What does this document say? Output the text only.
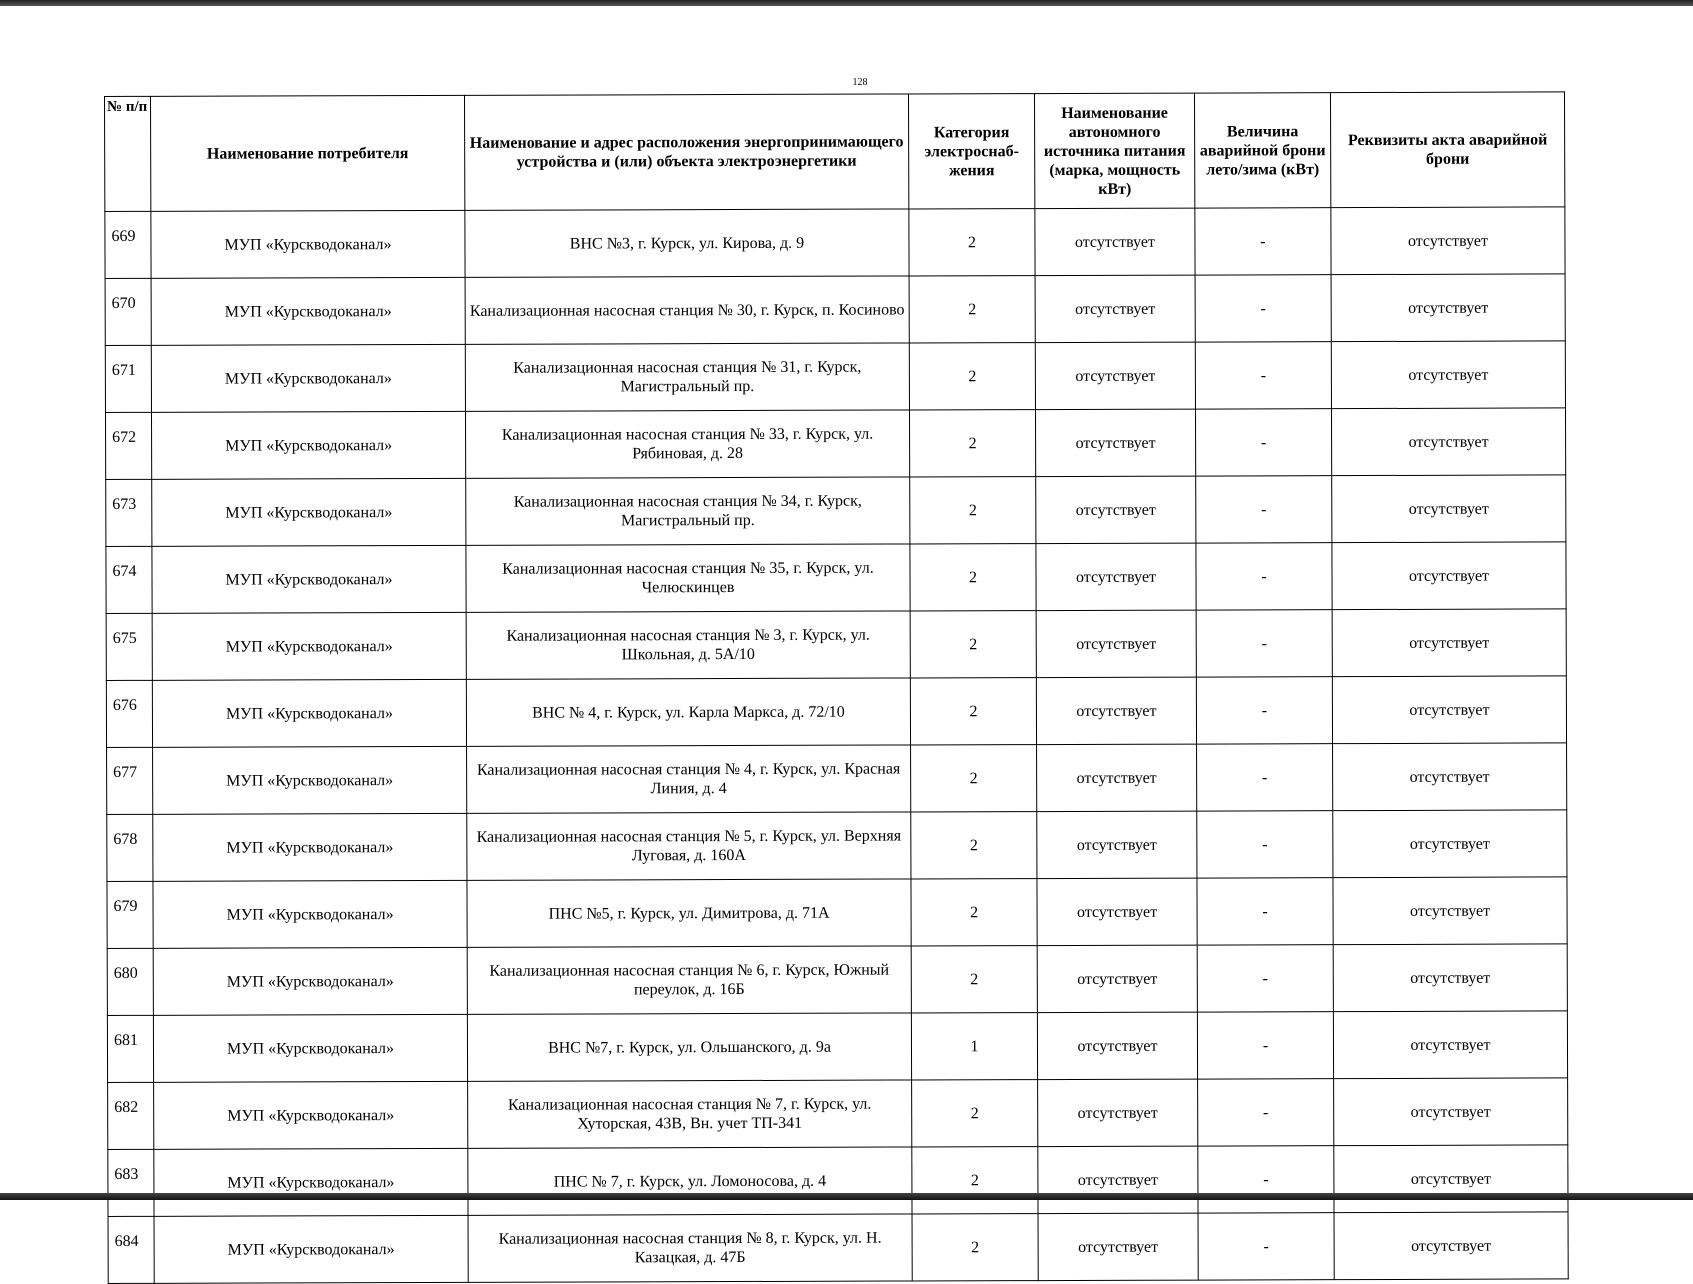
128
№ п/п	Наименование потребителя	Наименование и адрес расположения энергопринимающего устройства и (или) объекта электроэнергетики	Категория электроснаб-жения	Наименование автономного источника питания (марка, мощность кВт)	Величина аварийной брони лето/зима (кВт)	Реквизиты акта аварийной брони
669	МУП «Курскводоканал»	ВНС №3, г. Курск, ул. Кирова, д. 9	2	отсутствует	-	отсутствует
670	МУП «Курскводоканал»	Канализационная насосная станция № 30, г. Курск, п. Косиново	2	отсутствует	-	отсутствует
671	МУП «Курскводоканал»	Канализационная насосная станция № 31, г. Курск, Магистральный пр.	2	отсутствует	-	отсутствует
672	МУП «Курскводоканал»	Канализационная насосная станция № 33, г. Курск, ул. Рябиновая, д. 28	2	отсутствует	-	отсутствует
673	МУП «Курскводоканал»	Канализационная насосная станция № 34, г. Курск, Магистральный пр.	2	отсутствует	-	отсутствует
674	МУП «Курскводоканал»	Канализационная насосная станция № 35, г. Курск, ул. Челюскинцев	2	отсутствует	-	отсутствует
675	МУП «Курскводоканал»	Канализационная насосная станция № 3, г. Курск, ул. Школьная, д. 5А/10	2	отсутствует	-	отсутствует
676	МУП «Курскводоканал»	ВНС № 4, г. Курск, ул. Карла Маркса, д. 72/10	2	отсутствует	-	отсутствует
677	МУП «Курскводоканал»	Канализационная насосная станция № 4, г. Курск, ул. Красная Линия, д. 4	2	отсутствует	-	отсутствует
678	МУП «Курскводоканал»	Канализационная насосная станция № 5, г. Курск, ул. Верхняя Луговая, д. 160А	2	отсутствует	-	отсутствует
679	МУП «Курскводоканал»	ПНС №5, г. Курск, ул. Димитрова, д. 71А	2	отсутствует	-	отсутствует
680	МУП «Курскводоканал»	Канализационная насосная станция № 6, г. Курск, Южный переулок, д. 16Б	2	отсутствует	-	отсутствует
681	МУП «Курскводоканал»	ВНС №7, г. Курск, ул. Ольшанского, д. 9а	1	отсутствует	-	отсутствует
682	МУП «Курскводоканал»	Канализационная насосная станция № 7, г. Курск, ул. Хуторская, 43В, Вн. учет ТП-341	2	отсутствует	-	отсутствует
683	МУП «Курскводоканал»	ПНС № 7, г. Курск, ул. Ломоносова, д. 4	2	отсутствует	-	отсутствует
684	МУП «Курскводоканал»	Канализационная насосная станция № 8, г. Курск, ул. Н. Казацкая, д. 47Б	2	отсутствует	-	отсутствует
